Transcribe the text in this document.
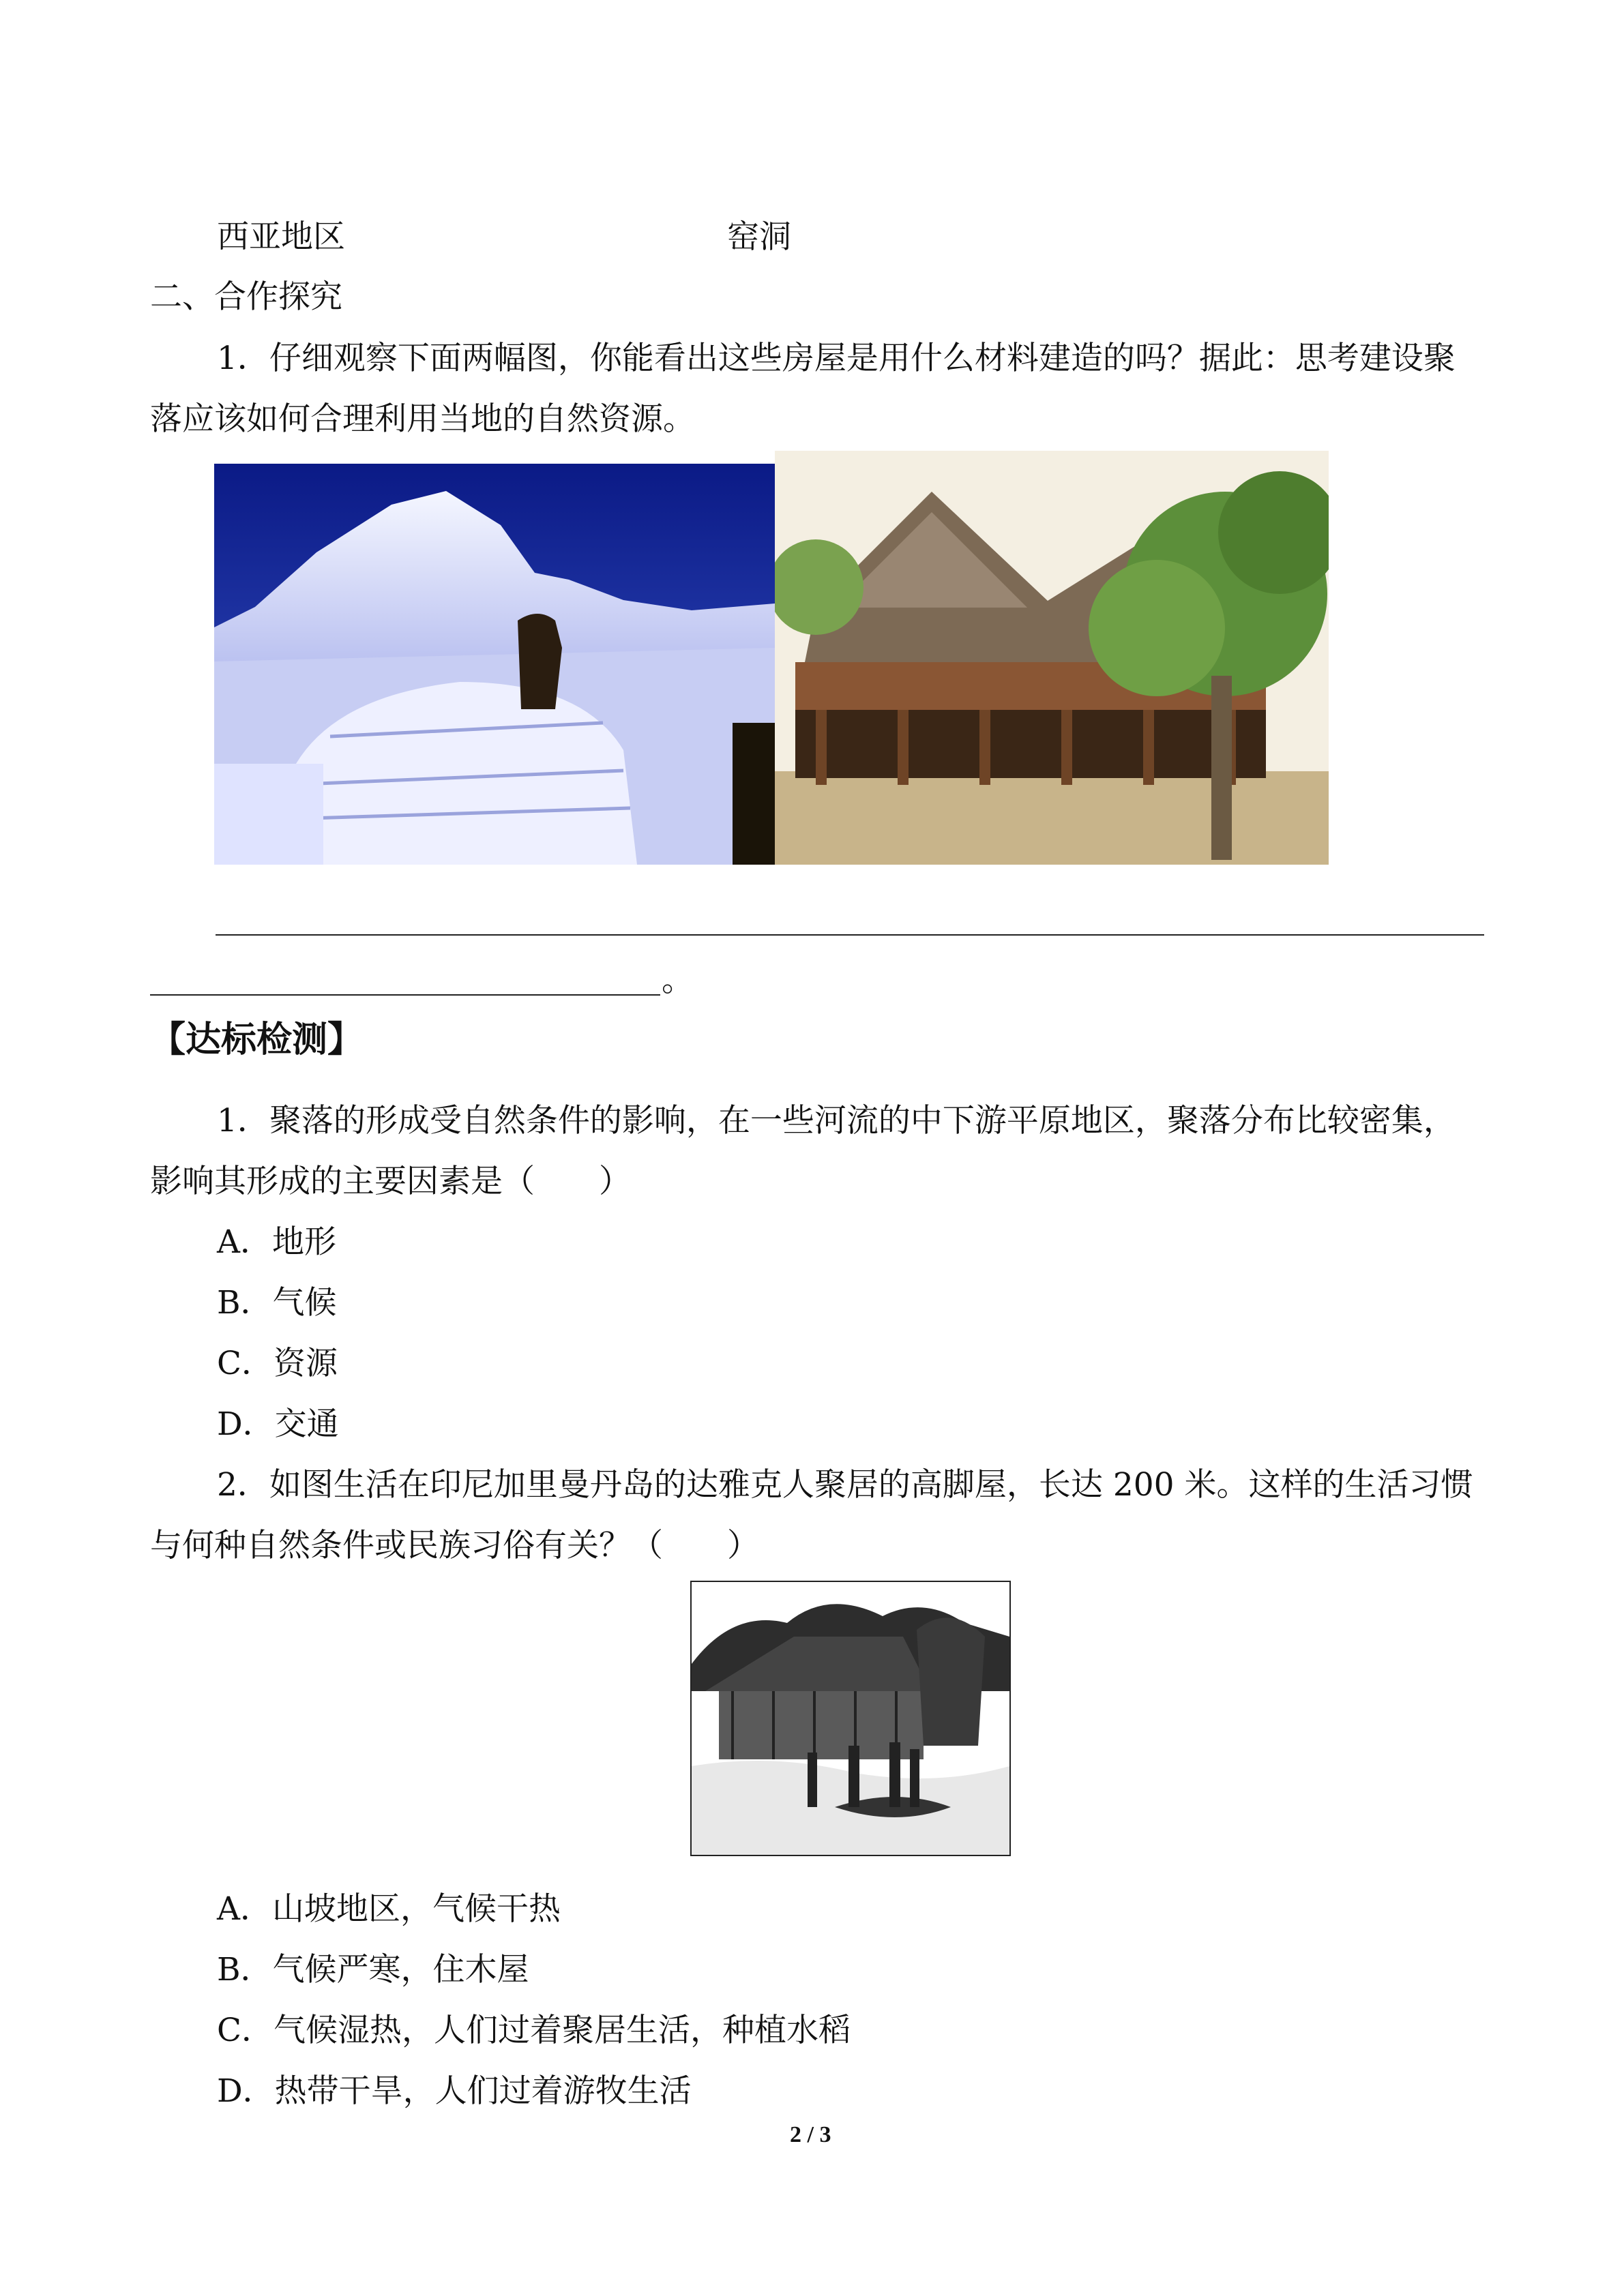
西亚地区	窑洞
二、合作探究
1．仔细观察下面两幅图，你能看出这些房屋是用什么材料建造的吗？据此：思考建设聚
落应该如何合理利用当地的自然资源。
。
【达标检测】
1．聚落的形成受自然条件的影响，在一些河流的中下游平原地区，聚落分布比较密集，
影响其形成的主要因素是（　　）
A．地形
B．气候
C．资源
D．交通
2．如图生活在印尼加里曼丹岛的达雅克人聚居的高脚屋，长达 200 米。这样的生活习惯
与何种自然条件或民族习俗有关？（　　）
A．山坡地区，气候干热
B．气候严寒，住木屋
C．气候湿热，人们过着聚居生活，种植水稻
D．热带干旱，人们过着游牧生活
2 / 3
